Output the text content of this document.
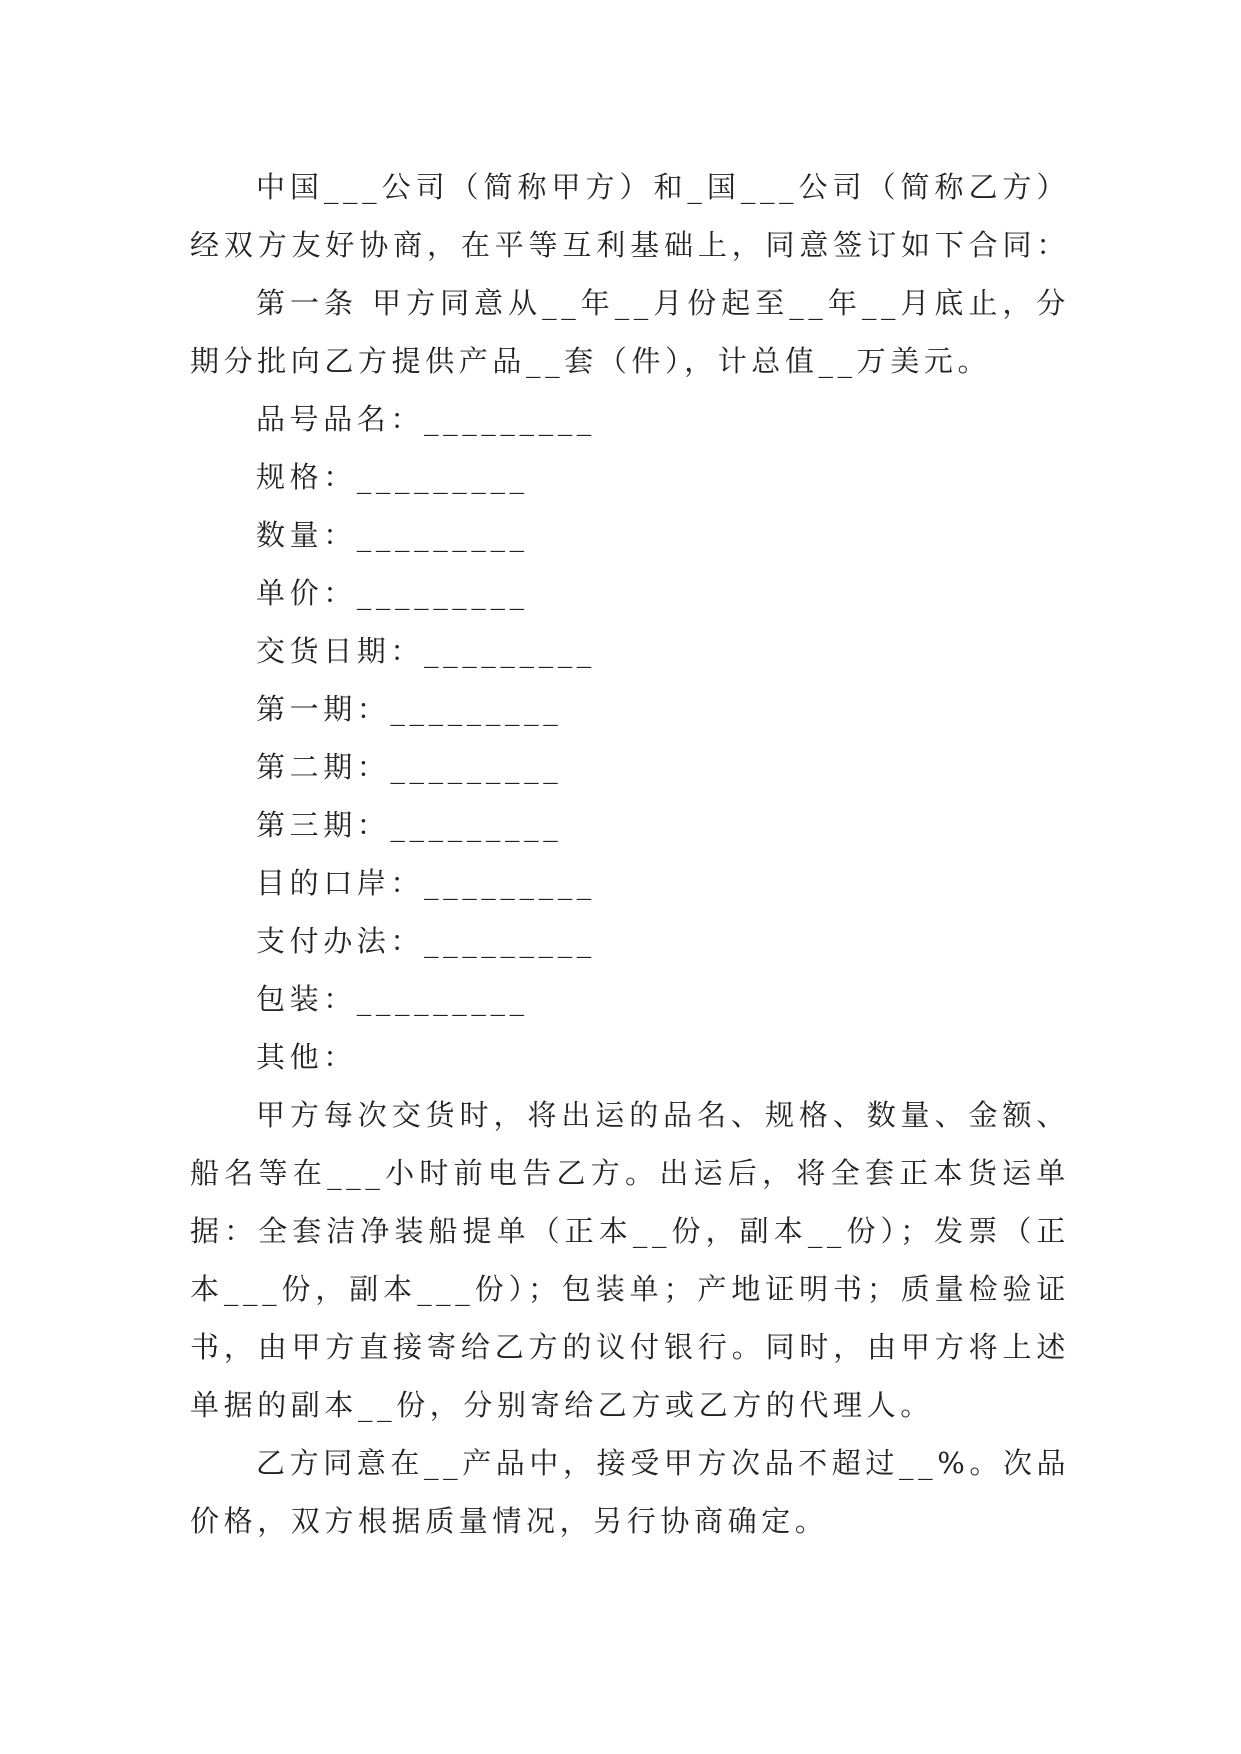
中国___公司（简称甲方）和_国___公司（简称乙方）
经双方友好协商，在平等互利基础上，同意签订如下合同：
第一条 甲方同意从__年__月份起至__年__月底止，分
期分批向乙方提供产品__套（件），计总值__万美元。
品号品名：_________
规格：_________
数量：_________
单价：_________
交货日期：_________
第一期：_________
第二期：_________
第三期：_________
目的口岸：_________
支付办法：_________
包装：_________
其他：
甲方每次交货时，将出运的品名、规格、数量、金额、
船名等在___小时前电告乙方。出运后，将全套正本货运单
据：全套洁净装船提单（正本__份，副本__份）；发票（正
本___份，副本___份）；包装单；产地证明书；质量检验证
书，由甲方直接寄给乙方的议付银行。同时，由甲方将上述
单据的副本__份，分别寄给乙方或乙方的代理人。
乙方同意在__产品中，接受甲方次品不超过__%。次品
价格，双方根据质量情况，另行协商确定。
